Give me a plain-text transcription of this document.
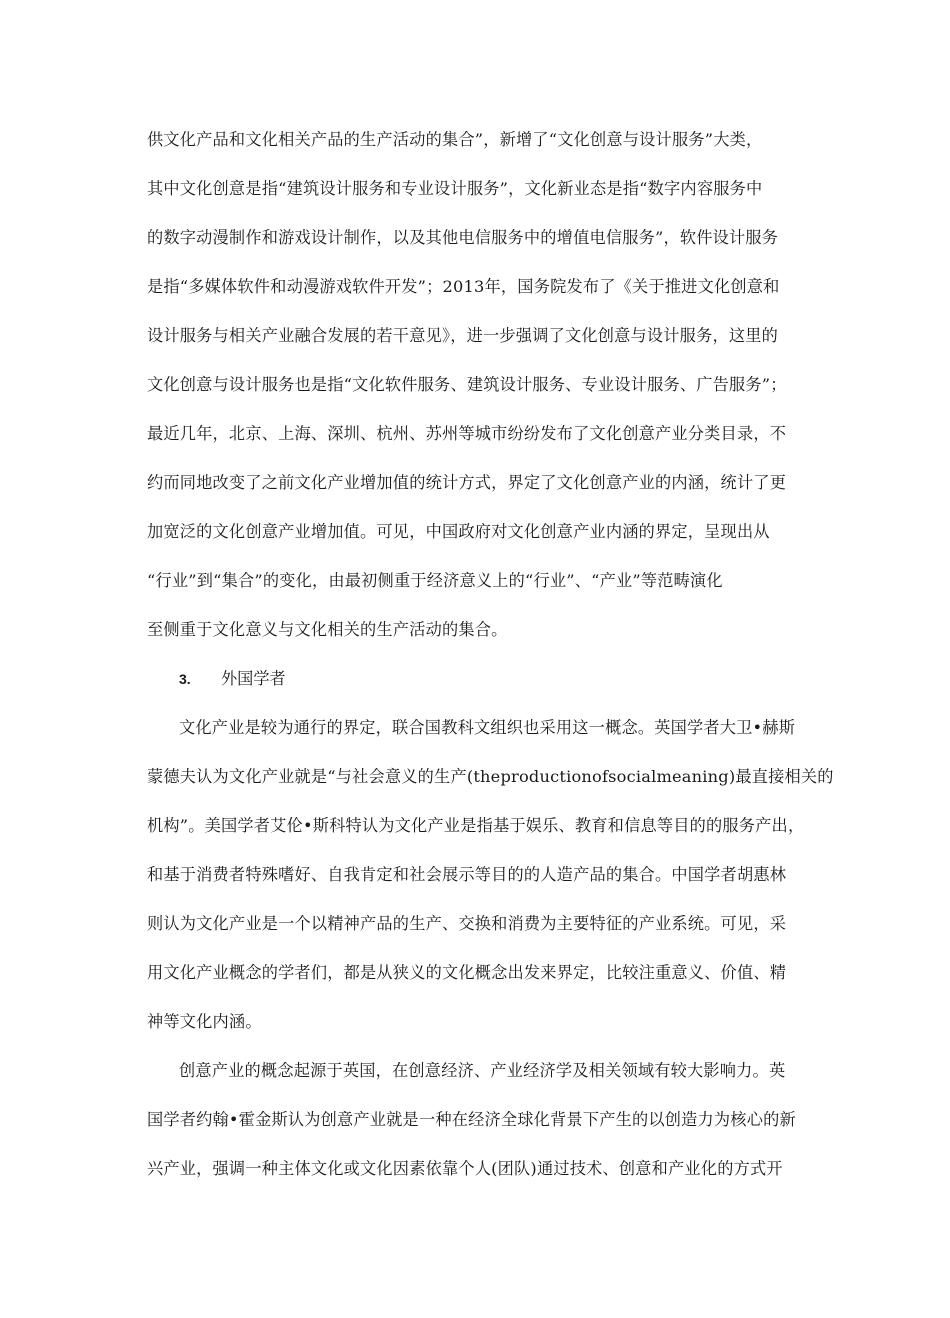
供文化产品和文化相关产品的生产活动的集合”，新增了“文化创意与设计服务”大类，
其中文化创意是指“建筑设计服务和专业设计服务”，文化新业态是指“数字内容服务中
的数字动漫制作和游戏设计制作，以及其他电信服务中的增值电信服务”，软件设计服务
是指“多媒体软件和动漫游戏软件开发”；2013年，国务院发布了《关于推进文化创意和
设计服务与相关产业融合发展的若干意见》，进一步强调了文化创意与设计服务，这里的
文化创意与设计服务也是指“文化软件服务、建筑设计服务、专业设计服务、广告服务”；
最近几年，北京、上海、深圳、杭州、苏州等城市纷纷发布了文化创意产业分类目录，不
约而同地改变了之前文化产业增加值的统计方式，界定了文化创意产业的内涵，统计了更
加宽泛的文化创意产业增加值。可见，中国政府对文化创意产业内涵的界定，呈现出从
“行业”到“集合”的变化，由最初侧重于经济意义上的“行业”、“产业”等范畴演化
至侧重于文化意义与文化相关的生产活动的集合。
3. 外国学者
文化产业是较为通行的界定，联合国教科文组织也采用这一概念。英国学者大卫•赫斯
蒙德夫认为文化产业就是“与社会意义的生产(theproductionofsocialmeaning)最直接相关的
机构”。美国学者艾伦•斯科特认为文化产业是指基于娱乐、教育和信息等目的的服务产出，
和基于消费者特殊嗜好、自我肯定和社会展示等目的的人造产品的集合。中国学者胡惠林
则认为文化产业是一个以精神产品的生产、交换和消费为主要特征的产业系统。可见，采
用文化产业概念的学者们，都是从狭义的文化概念出发来界定，比较注重意义、价值、精
神等文化内涵。
创意产业的概念起源于英国，在创意经济、产业经济学及相关领域有较大影响力。英
国学者约翰•霍金斯认为创意产业就是一种在经济全球化背景下产生的以创造力为核心的新
兴产业，强调一种主体文化或文化因素依靠个人(团队)通过技术、创意和产业化的方式开
